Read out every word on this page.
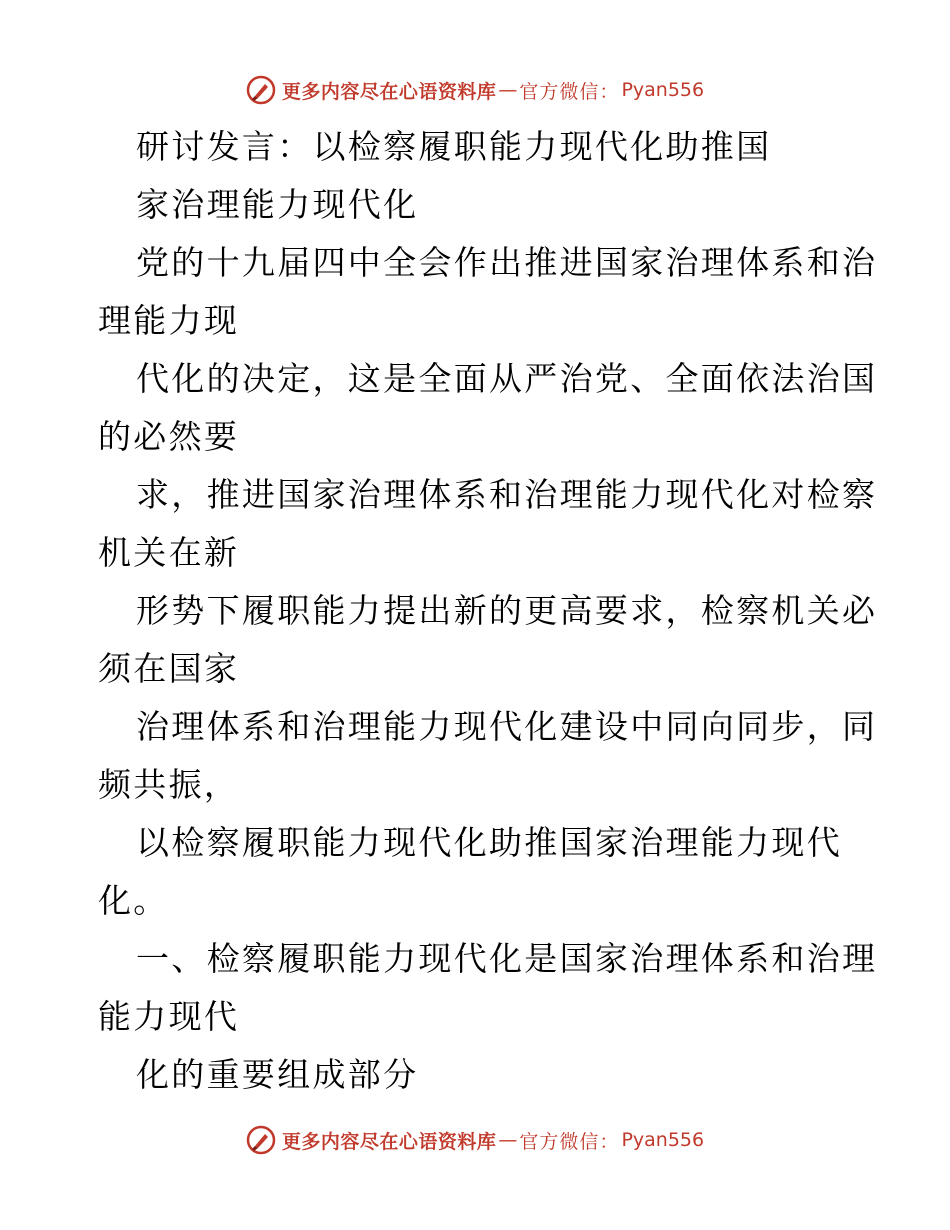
更多内容尽在心语资料库 — 官方微信： Pyan556
研讨发言：以检察履职能力现代化助推国
家治理能力现代化
党的十九届四中全会作出推进国家治理体系和治
理能力现
代化的决定，这是全面从严治党、全面依法治国
的必然要
求，推进国家治理体系和治理能力现代化对检察
机关在新
形势下履职能力提出新的更高要求，检察机关必
须在国家
治理体系和治理能力现代化建设中同向同步，同
频共振，
以检察履职能力现代化助推国家治理能力现代
化。
一、检察履职能力现代化是国家治理体系和治理
能力现代
化的重要组成部分
更多内容尽在心语资料库 — 官方微信： Pyan556
